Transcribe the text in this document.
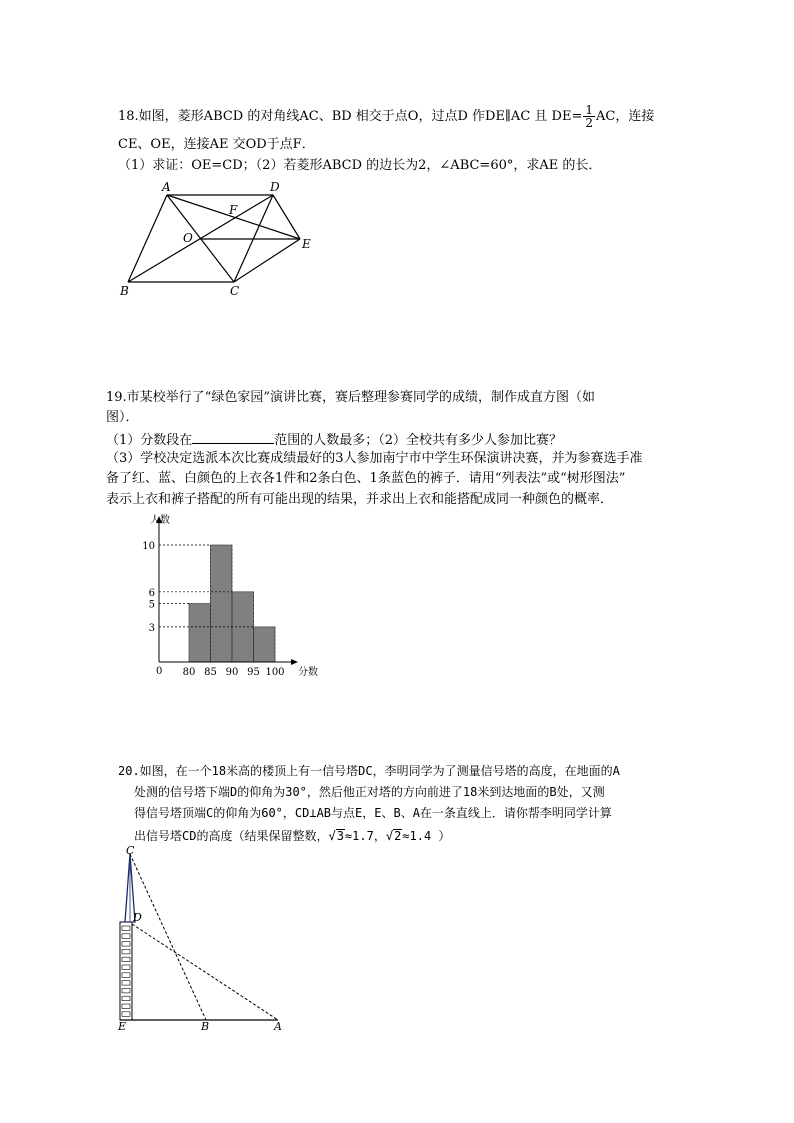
18.如图，菱形ABCD 的对角线AC、BD 相交于点O，过点D 作DE∥AC 且 $DE= \frac{1}{2}$ AC，连接
CE、OE，连接AE 交OD于点F．
（1）求证：OE=CD；（2）若菱形ABCD 的边长为2，∠ABC=60°，求AE 的长．
A	D
F
O	E
B	C
19.市某校举行了“绿色家园”演讲比赛，赛后整理参赛同学的成绩，制作成直方图（如
图）．
（1）分数段在	范围的人数最多；（2）全校共有多少人参加比赛？
（3）学校决定选派本次比赛成绩最好的3人参加南宁市中学生环保演讲决赛，并为参赛选手准
备了红、蓝、白颜色的上衣各1件和2条白色、1条蓝色的裤子．请用“列表法”或“树形图法”
表示上衣和裤子搭配的所有可能出现的结果，并求出上衣和能搭配成同一种颜色的概率．
3
5
6
10
80 85 90 95 100
人数
分数
0
20.如图，在一个18米高的楼顶上有一信号塔DC，李明同学为了测量信号塔的高度，在地面的A
处测的信号塔下端D的仰角为30°，然后他正对塔的方向前进了18米到达地面的B处，又测
得信号塔顶端C的仰角为60°，CD⊥AB与点E，E、B、A在一条直线上．请你帮李明同学计算
出信号塔CD的高度（结果保留整数，√3≈1.7，√2≈1.4 ）
C
D
E	B	A
